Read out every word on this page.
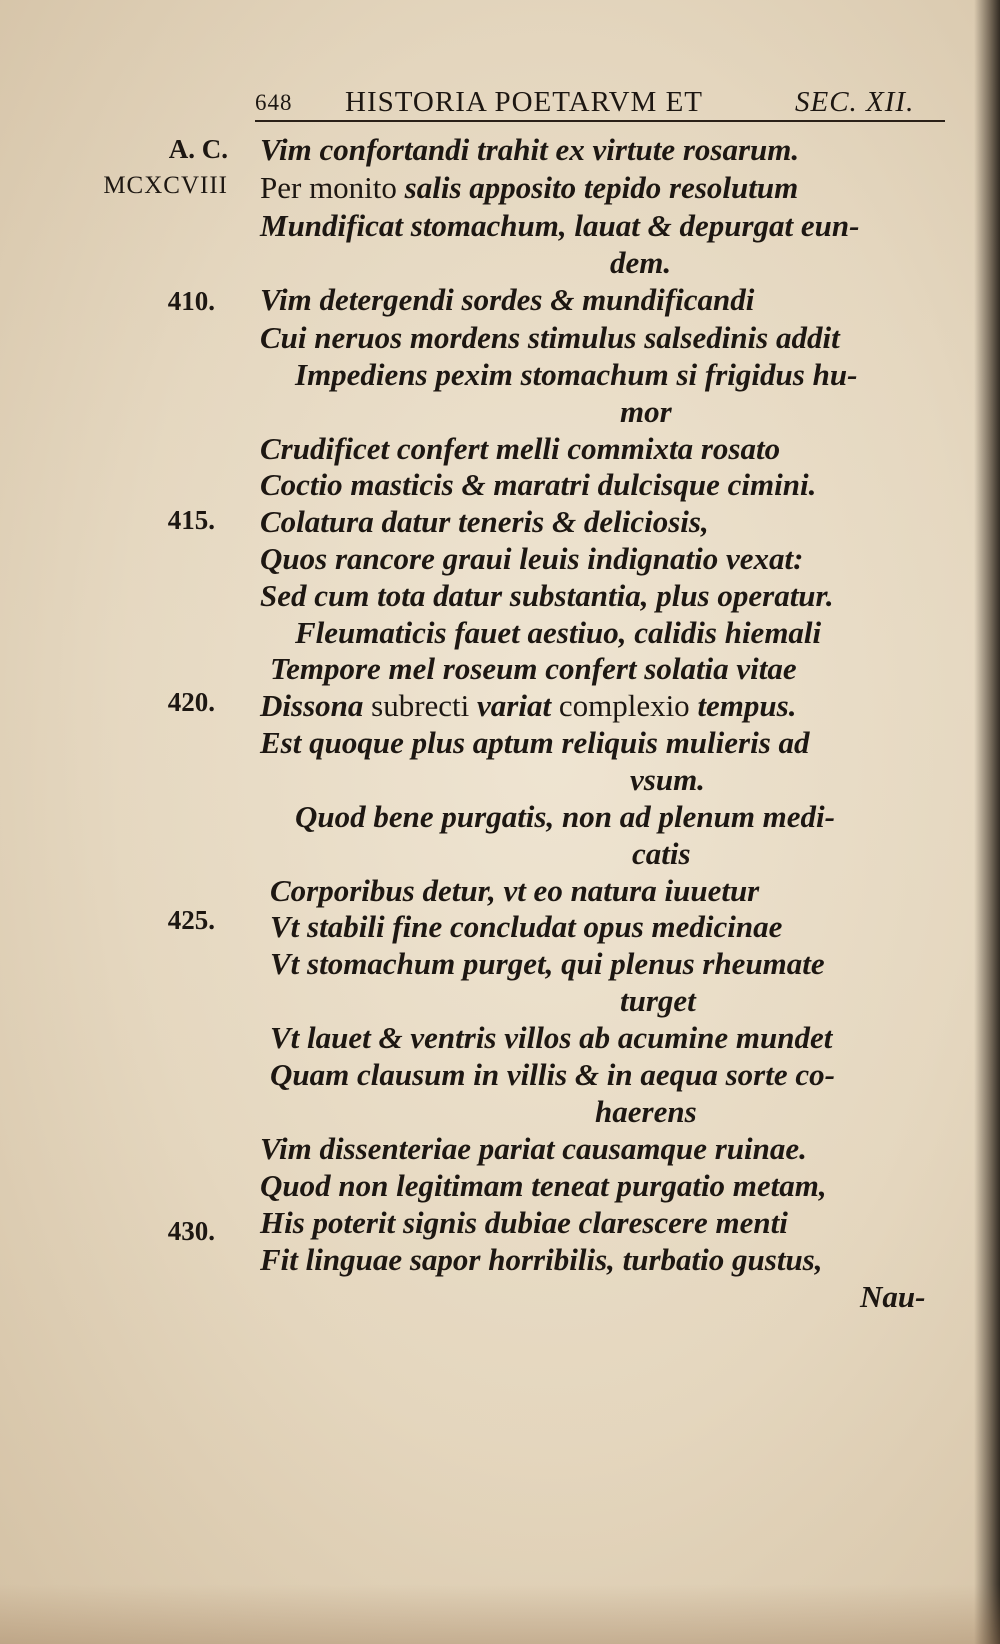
648 HISTORIA POETARVM ET	SEC. XII.
A. C.
MCXCVIII
410.
415.
420.
425.
430.
Vim confortandi trahit ex virtute rosarum.
Per monito salis apposito tepido resolutum
Mundificat stomachum, lauat & depurgat eun-
dem.
Vim detergendi sordes & mundificandi
Cui neruos mordens stimulus salsedinis addit
Impediens pexim stomachum si frigidus hu-
mor
Crudificet confert melli commixta rosato
Coctio masticis & maratri dulcisque cimini.
Colatura datur teneris & deliciosis,
Quos rancore graui leuis indignatio vexat:
Sed cum tota datur substantia, plus operatur.
Fleumaticis fauet aestiuo, calidis hiemali
Tempore mel roseum confert solatia vitae
Dissona subrecti variat complexio tempus.
Est quoque plus aptum reliquis mulieris ad
vsum.
Quod bene purgatis, non ad plenum medi-
catis
Corporibus detur, vt eo natura iuuetur
Vt stabili fine concludat opus medicinae
Vt stomachum purget, qui plenus rheumate
turget
Vt lauet & ventris villos ab acumine mundet
Quam clausum in villis & in aequa sorte co-
haerens
Vim dissenteriae pariat causamque ruinae.
Quod non legitimam teneat purgatio metam,
His poterit signis dubiae clarescere menti
Fit linguae sapor horribilis, turbatio gustus,
Nau-
